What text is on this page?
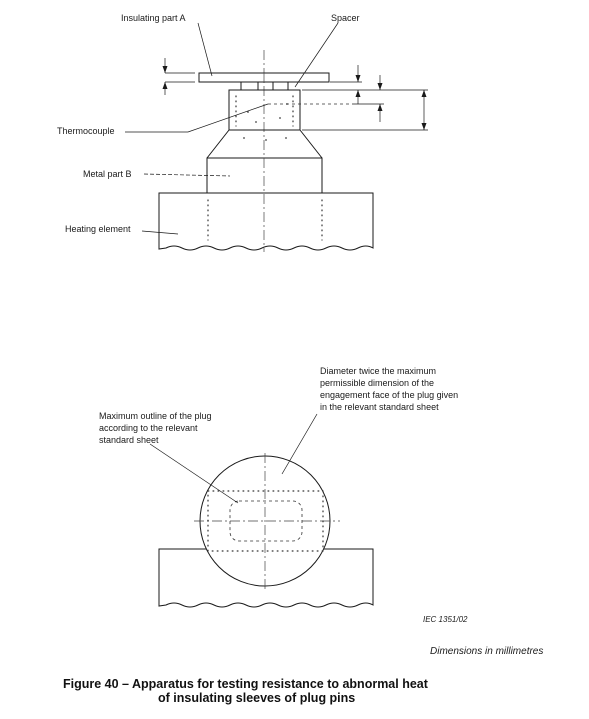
Insulating part A	Spacer
Thermocouple
Metal part B
Heating element
Diameter twice the maximum
permissible dimension of the
engagement face of the plug given
in the relevant standard sheet
Maximum outline of the plug
according to the relevant
standard sheet
IEC 1351/02
Dimensions in millimetres
Figure 40 – Apparatus for testing resistance to abnormal heat
of insulating sleeves of plug pins
